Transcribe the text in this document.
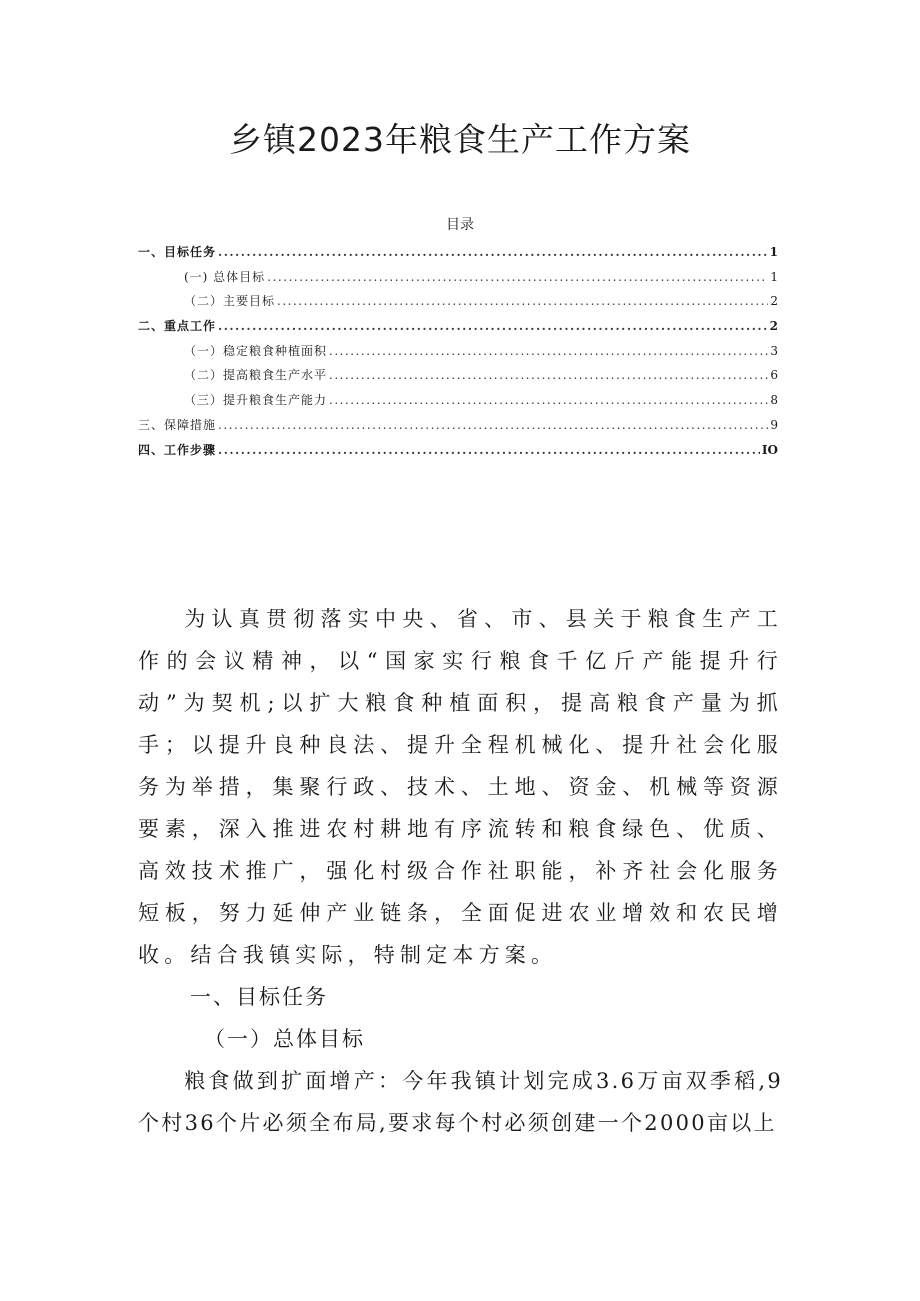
乡镇2023年粮食生产工作方案
目录
一、目标任务 .....	1
(一) 总体目标 .....	1
（二）主要目标 .....	2
二、重点工作 .....	2
（一）稳定粮食种植面积 .....	3
（二）提高粮食生产水平 .....	6
（三）提升粮食生产能力 .....	8
三、保障措施 .....	9
四、工作步骤 .....	IO

为认真贯彻落实中央、省、市、县关于粮食生产工作的会议精神，以“国家实行粮食千亿斤产能提升行动”为契机;以扩大粮食种植面积，提高粮食产量为抓手；以提升良种良法、提升全程机械化、提升社会化服务为举措，集聚行政、技术、土地、资金、机械等资源要素，深入推进农村耕地有序流转和粮食绿色、优质、高效技术推广，强化村级合作社职能，补齐社会化服务短板，努力延伸产业链条，全面促进农业增效和农民增收。结合我镇实际，特制定本方案。

一、目标任务

（一）总体目标

粮食做到扩面增产：今年我镇计划完成3.6万亩双季稻,9个村36个片必须全布局,要求每个村必须创建一个2000亩以上
